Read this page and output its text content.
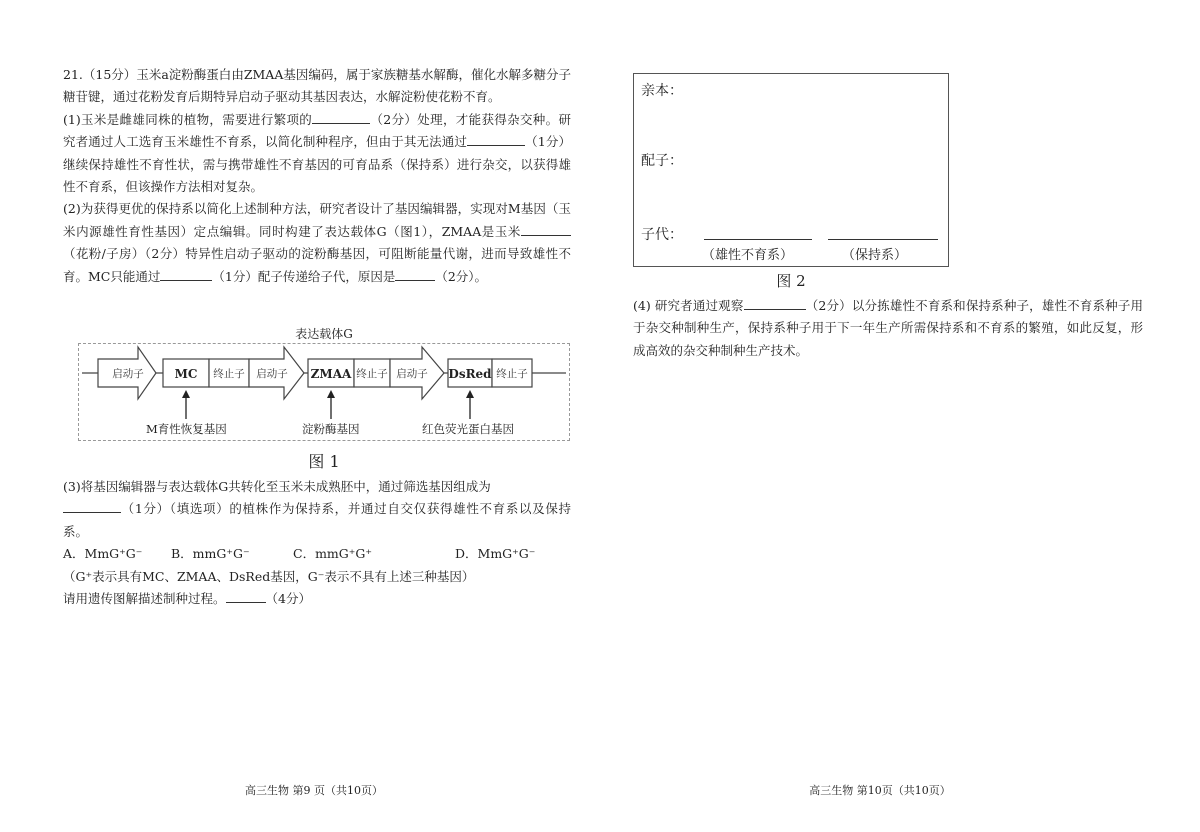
21.（15分）玉米a淀粉酶蛋白由ZMAA基因编码，属于家族糖基水解酶，催化水解多糖分子糖苷键，通过花粉发育后期特异启动子驱动其基因表达，水解淀粉使花粉不育。

(1)玉米是雌雄同株的植物，需要进行繁项的	（2分）处理，才能获得杂交种。研究者通过人工选育玉米雄性不育系，以简化制种程序，但由于其无法通过	（1分）继续保持雄性不育性状，需与携带雄性不育基因的可育品系（保持系）进行杂交，以获得雄性不育系，但该操作方法相对复杂。

(2)为获得更优的保持系以简化上述制种方法，研究者设计了基因编辑器，实现对M基因（玉米内源雄性育性基因）定点编辑。同时构建了表达载体G（图1），ZMAA是玉米（花粉/子房）（2分）特异性启动子驱动的淀粉酶基因，可阻断能量代谢，进而导致雄性不育。MC只能通过	（1分）配子传递给子代，原因是	（2分）。

表达载体G
启动子	MC 终止子 启动子 ZMAA 终止子 启动子 DsRed 终止子
M育性恢复基因	淀粉酶基因	红色荧光蛋白基因
图 1

(3)将基因编辑器与表达载体G共转化至玉米未成熟胚中，通过筛选基因组成为
（1分）（填选项）的植株作为保持系，并通过自交仅获得雄性不育系以及保持系。

A．MmG⁺G⁻	B．mmG⁺G⁻	C．mmG⁺G⁺	D．MmG⁺G⁻

（G⁺表示具有MC、ZMAA、DsRed基因，G⁻表示不具有上述三种基因）

请用遗传图解描述制种过程。	（4分）

高三生物 第9 页（共10页）
亲本：
配子：
子代：
（雄性不育系）	（保持系）
图 2

(4) 研究者通过观察	（2分）以分拣雄性不育系和保持系种子，雄性不育系种子用于杂交种制种生产，保持系种子用于下一年生产所需保持系和不育系的繁殖，如此反复，形成高效的杂交种制种生产技术。

高三生物 第10页（共10页）
